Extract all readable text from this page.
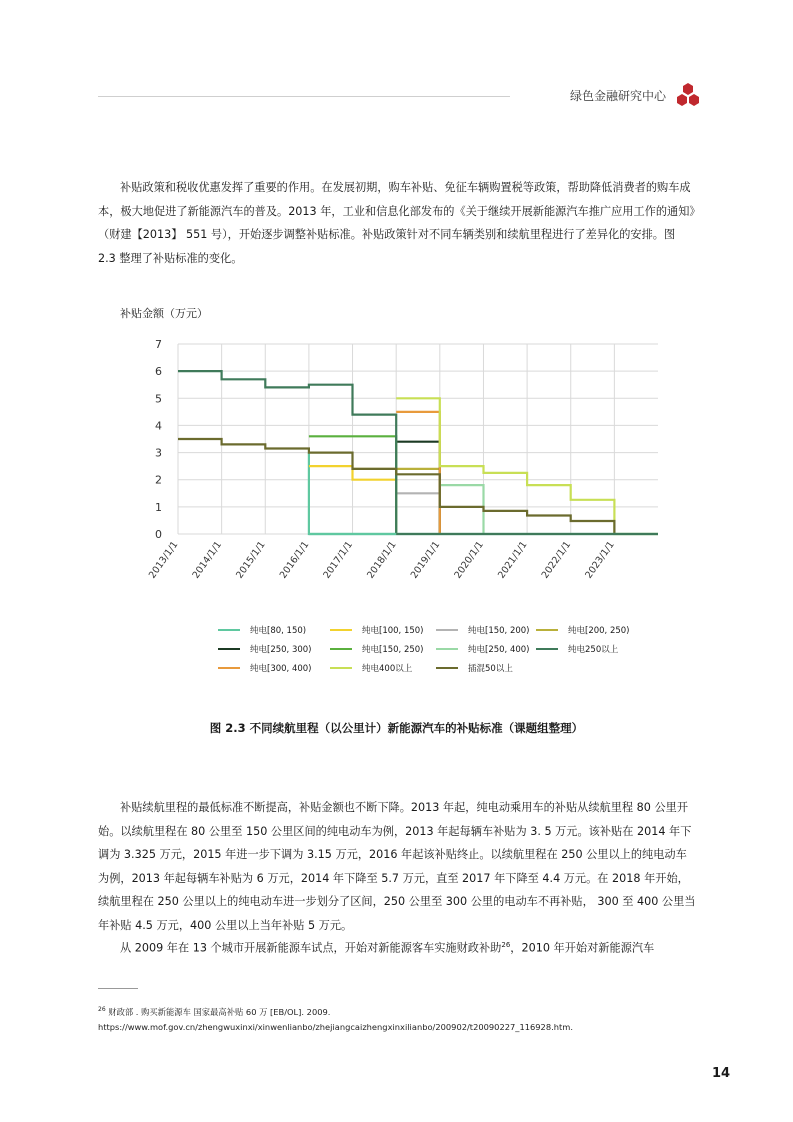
绿色金融研究中心

补贴政策和税收优惠发挥了重要的作用。在发展初期，购车补贴、免征车辆购置税等政策，帮助降低消费者的购车成本，极大地促进了新能源汽车的普及。2013 年，工业和信息化部发布的《关于继续开展新能源汽车推广应用工作的通知》（财建【2013】 551 号），开始逐步调整补贴标准。补贴政策针对不同车辆类别和续航里程进行了差异化的安排。图 2.3 整理了补贴标准的变化。

补贴金额（万元）
0
1
2
3
4
5
6
7
2013/1/1 2014/1/1 2015/1/1 2016/1/1 2017/1/1 2018/1/1 2019/1/1 2020/1/1 2021/1/1 2022/1/1 2023/1/1
纯电[80, 150)	纯电[100, 150)	纯电[150, 200)	纯电[200, 250)
纯电[250, 300)	纯电[150, 250)	纯电[250, 400)	纯电250以上
纯电[300, 400)	纯电400以上	插混50以上
图 2.3 不同续航里程（以公里计）新能源汽车的补贴标准（课题组整理）

补贴续航里程的最低标准不断提高，补贴金额也不断下降。2013 年起，纯电动乘用车的补贴从续航里程 80 公里开始。以续航里程在 80 公里至 150 公里区间的纯电动车为例，2013 年起每辆车补贴为 3. 5 万元。该补贴在 2014 年下调为 3.325 万元，2015 年进一步下调为 3.15 万元，2016 年起该补贴终止。以续航里程在 250 公里以上的纯电动车为例，2013 年起每辆车补贴为 6 万元，2014 年下降至 5.7 万元，直至 2017 年下降至 4.4 万元。在 2018 年开始，续航里程在 250 公里以上的纯电动车进一步划分了区间，250 公里至 300 公里的电动车不再补贴， 300 至 400 公里当年补贴 4.5 万元，400 公里以上当年补贴 5 万元。

从 2009 年在 13 个城市开展新能源车试点，开始对新能源客车实施财政补助$^{26}$，2010 年开始对新能源汽车

$^{26}$ 财政部 . 购买新能源车 国家最高补贴 60 万 [EB/OL]. 2009.
https://www.mof.gov.cn/zhengwuxinxi/xinwenlianbo/zhejiangcaizhengxinxilianbo/200902/t20090227_116928.htm.
14
